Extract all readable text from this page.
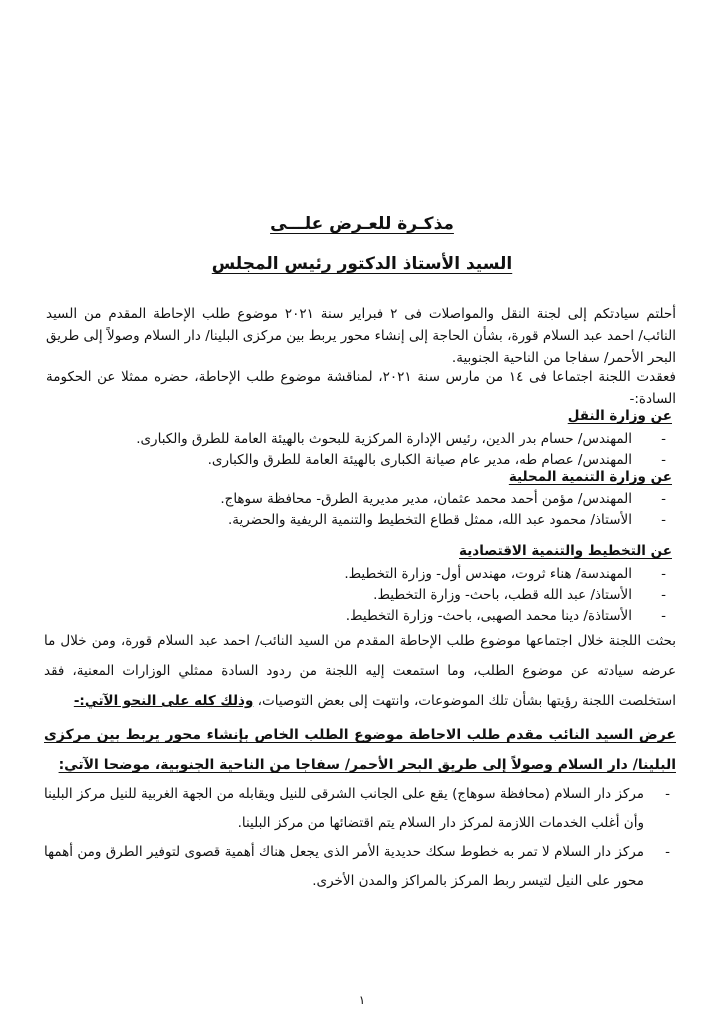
مذكـرة للعـرض علـــى
السيد الأستاذ الدكتور رئيس المجلس

أحلتم سيادتكم إلى لجنة النقل والمواصلات فى ٢ فبراير سنة ٢٠٢١ موضوع طلب الإحاطة المقدم من السيد النائب/ احمد عبد السلام قورة، بشأن الحاجة إلى إنشاء محور يربط بين مركزى البلينا/ دار السلام وصولاً إلى طريق البحر الأحمر/ سفاجا من الناحية الجنوبية.

فعقدت اللجنة اجتماعا فى ١٤ من مارس سنة ٢٠٢١، لمناقشة موضوع طلب الإحاطة، حضره ممثلا عن الحكومة السادة:-

عن وزارة النقل
- المهندس/ حسام بدر الدين، رئيس الإدارة المركزية للبحوث بالهيئة العامة للطرق والكبارى.
- المهندس/ عصام طه، مدير عام صيانة الكبارى بالهيئة العامة للطرق والكبارى.
عن وزارة التنمية المحلية
- المهندس/ مؤمن أحمد محمد عثمان، مدير مديرية الطرق- محافظة سوهاج.
- الأستاذ/ محمود عبد الله، ممثل قطاع التخطيط والتنمية الريفية والحضرية.
عن التخطيط والتنمية الاقتصادية
- المهندسة/ هناء ثروت، مهندس أول- وزارة التخطيط.
- الأستاذ/ عبد الله قطب، باحث- وزارة التخطيط.
- الأستاذة/ دينا محمد الصهبى، باحث- وزارة التخطيط.
بحثت اللجنة خلال اجتماعها موضوع طلب الإحاطة المقدم من السيد النائب/ احمد عبد السلام قورة، ومن خلال ما عرضه سيادته عن موضوع الطلب، وما استمعت إليه اللجنة من ردود السادة ممثلي الوزارات المعنية، فقد استخلصت اللجنة رؤيتها بشأن تلك الموضوعات، وانتهت إلى بعض التوصيات، وذلك كله على النحو الآتي:-
عرض السيد النائب مقدم طلب الاحاطة موضوع الطلب الخاص بإنشاء محور يربط بين مركزى البلينا/ دار السلام وصولاً إلى طريق البحر الأحمر/ سفاجا من الناحية الجنوبية، موضحا الآتي:
- مركز دار السلام (محافظة سوهاج) يقع على الجانب الشرقى للنيل ويقابله من الجهة الغربية للنيل مركز البلينا وأن أغلب الخدمات اللازمة لمركز دار السلام يتم اقتضائها من مركز البلينا.
- مركز دار السلام لا تمر به خطوط سكك حديدية الأمر الذى يجعل هناك أهمية قصوى لتوفير الطرق ومن أهمها محور على النيل لتيسر ربط المركز بالمراكز والمدن الأخرى.
١
